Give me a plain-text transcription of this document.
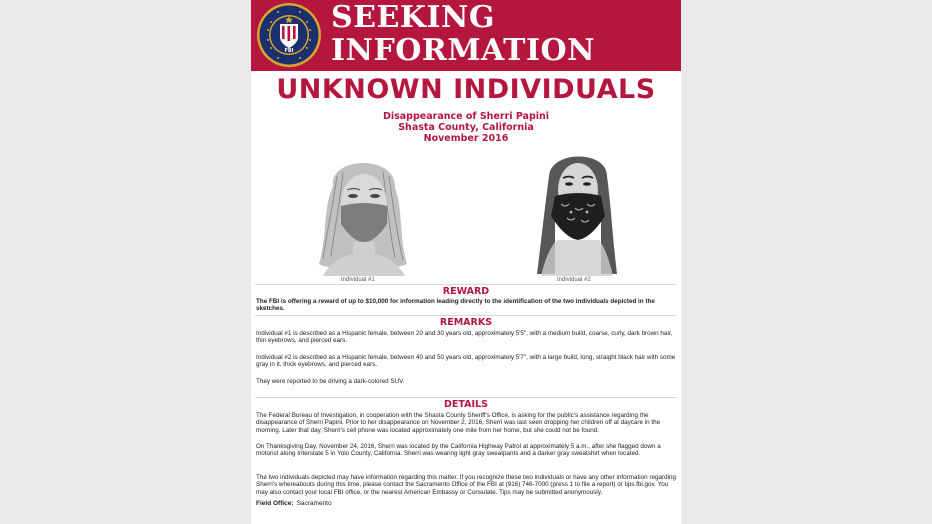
FBI
SEEKING
INFORMATION
UNKNOWN INDIVIDUALS
Disappearance of Sherri Papini
Shasta County, California
November 2016
Individual #1	Individual #2
REWARD
The FBI is offering a reward of up to $10,000 for information leading directly to the identification of the two individuals depicted in the sketches.
REMARKS
Individual #1 is described as a Hispanic female, between 20 and 30 years old, approximately 5'5", with a medium build, coarse, curly, dark brown hair, thin eyebrows, and pierced ears.
Individual #2 is described as a Hispanic female, between 40 and 50 years old, approximately 5'7", with a large build, long, straight black hair with some gray in it, thick eyebrows, and pierced ears.
They were reported to be driving a dark-colored SUV.
DETAILS
The Federal Bureau of Investigation, in cooperation with the Shasta County Sheriff's Office, is asking for the public's assistance regarding the disappearance of Sherri Papini. Prior to her disappearance on November 2, 2016, Sherri was last seen dropping her children off at daycare in the morning. Later that day, Sherri's cell phone was located approximately one mile from her home, but she could not be found.
On Thanksgiving Day, November 24, 2016, Sherri was located by the California Highway Patrol at approximately 5 a.m., after she flagged down a motorist along Interstate 5 in Yolo County, California. Sherri was wearing light gray sweatpants and a darker gray sweatshirt when located.
The two individuals depicted may have information regarding this matter. If you recognize these two individuals or have any other information regarding Sherri's whereabouts during this time, please contact the Sacramento Office of the FBI at (916) 746-7000 (press 1 to file a report) or tips.fbi.gov. You may also contact your local FBI office, or the nearest American Embassy or Consulate. Tips may be submitted anonymously.
Field Office: Sacramento
